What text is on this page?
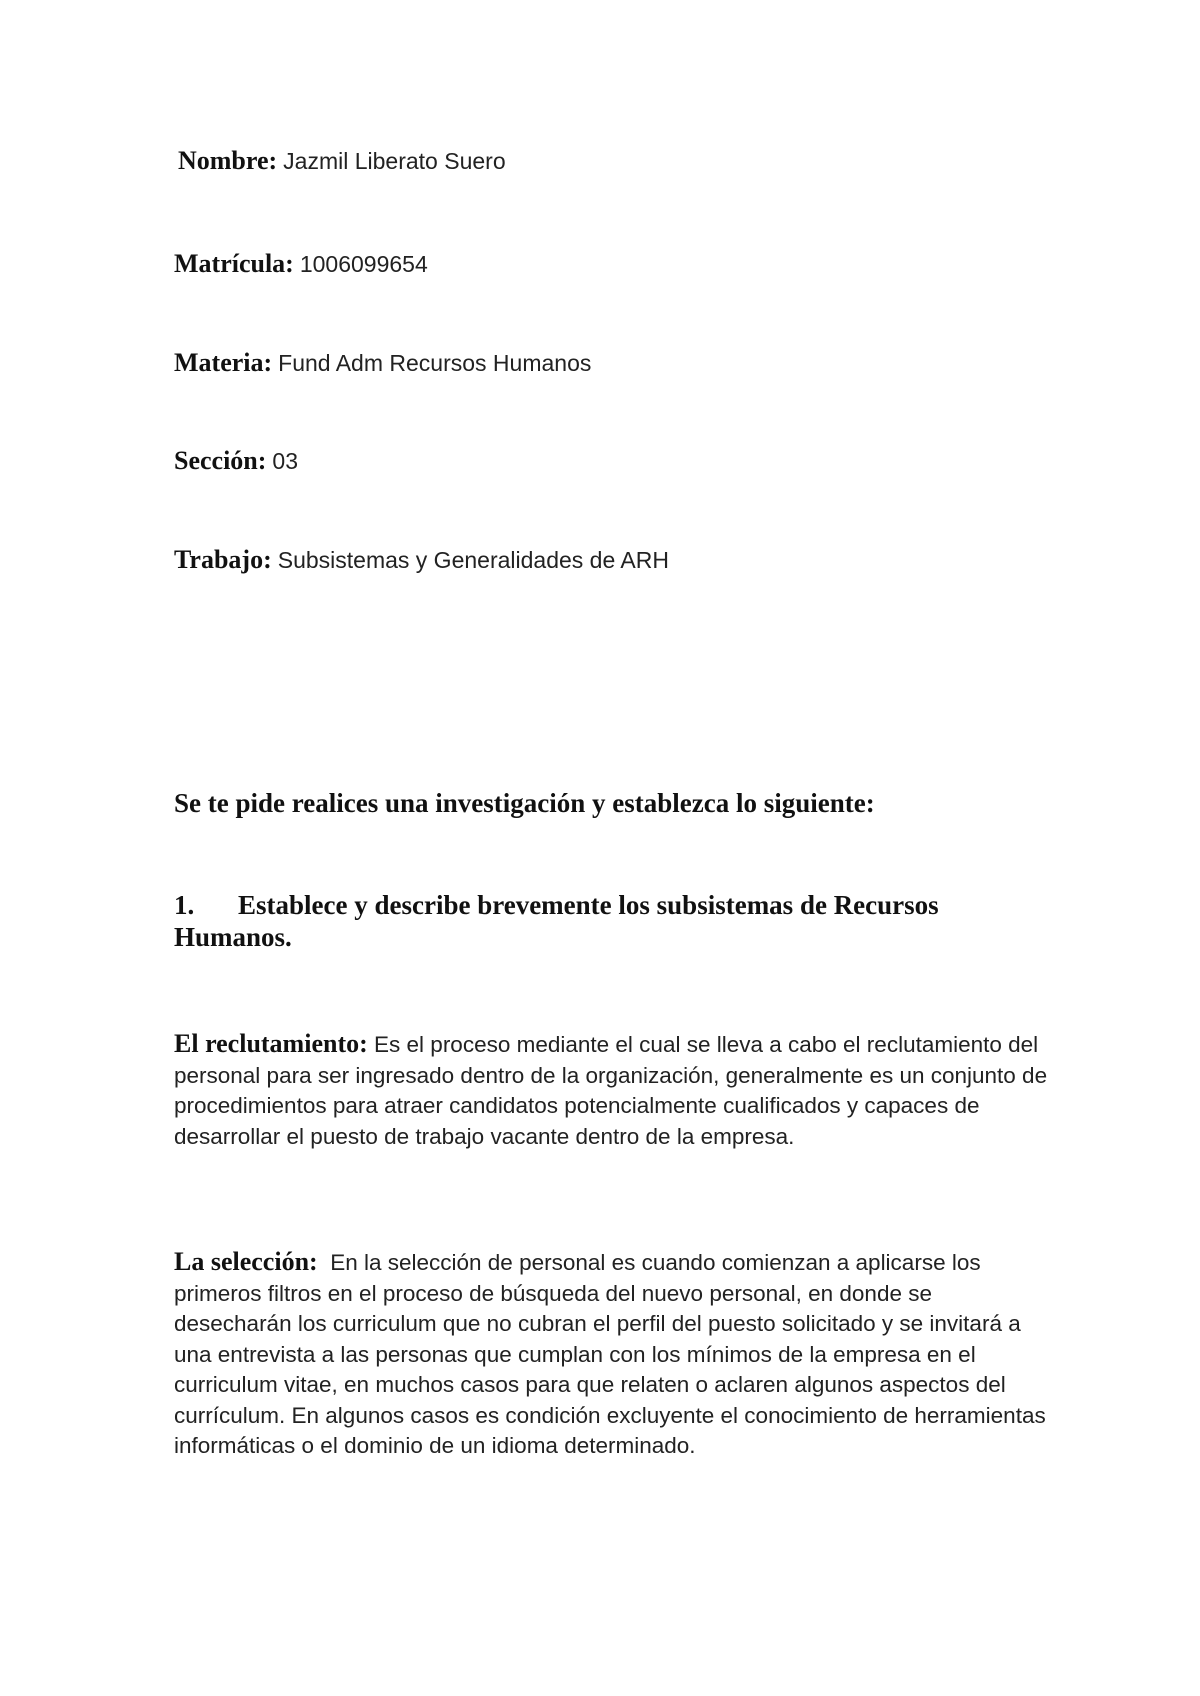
Nombre: Jazmil Liberato Suero
Matrícula: 1006099654
Materia: Fund Adm Recursos Humanos
Sección: 03
Trabajo: Subsistemas y Generalidades de ARH
Se te pide realices una investigación y establezca lo siguiente:
1. Establece y describe brevemente los subsistemas de Recursos Humanos.

El reclutamiento: Es el proceso mediante el cual se lleva a cabo el reclutamiento del personal para ser ingresado dentro de la organización, generalmente es un conjunto de procedimientos para atraer candidatos potencialmente cualificados y capaces de desarrollar el puesto de trabajo vacante dentro de la empresa.

La selección: En la selección de personal es cuando comienzan a aplicarse los primeros filtros en el proceso de búsqueda del nuevo personal, en donde se desecharán los curriculum que no cubran el perfil del puesto solicitado y se invitará a una entrevista a las personas que cumplan con los mínimos de la empresa en el curriculum vitae, en muchos casos para que relaten o aclaren algunos aspectos del currículum. En algunos casos es condición excluyente el conocimiento de herramientas informáticas o el dominio de un idioma determinado.
